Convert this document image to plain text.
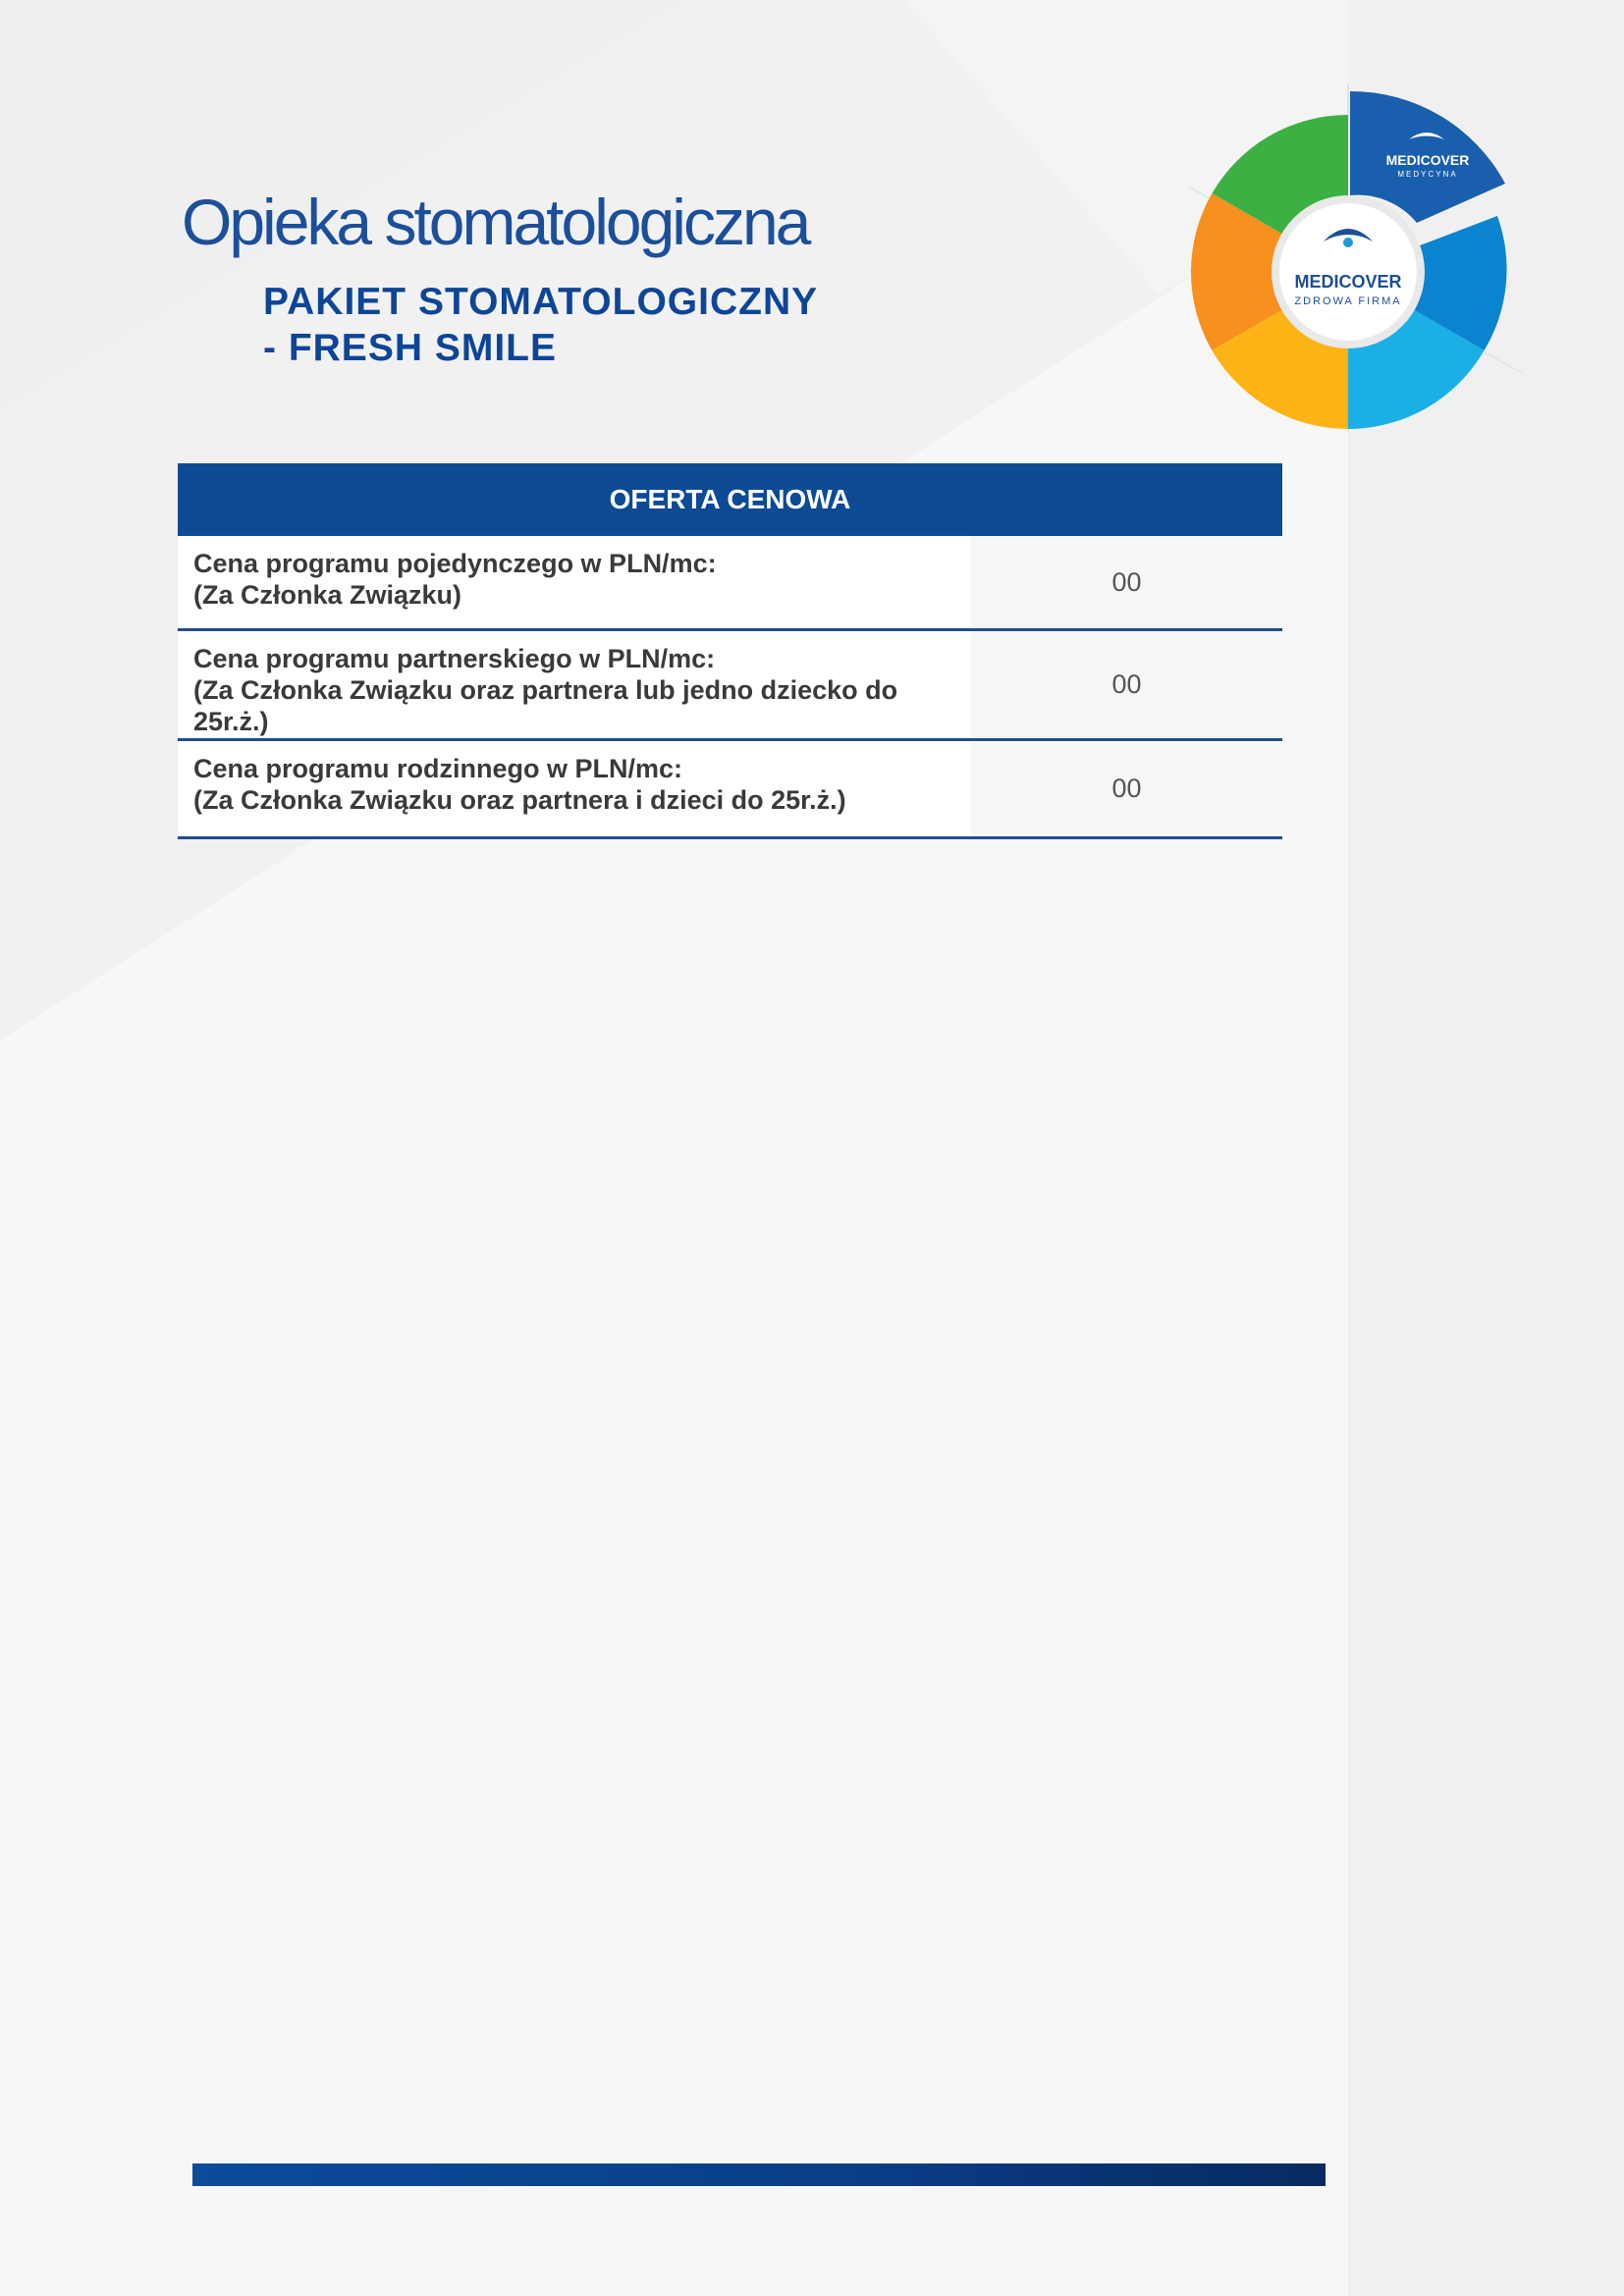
Opieka stomatologiczna
PAKIET STOMATOLOGICZNY
- FRESH SMILE
MEDICOVER
ZDROWA FIRMA
MEDICOVER
MEDYCYNA
OFERTA CENOWA
Cena programu pojedynczego w PLN/mc:
(Za Członka Związku)	00
Cena programu partnerskiego w PLN/mc:
(Za Członka Związku oraz partnera lub jedno dziecko do
25r.ż.)
00
Cena programu rodzinnego w PLN/mc:
(Za Członka Związku oraz partnera i dzieci do 25r.ż.)	00
